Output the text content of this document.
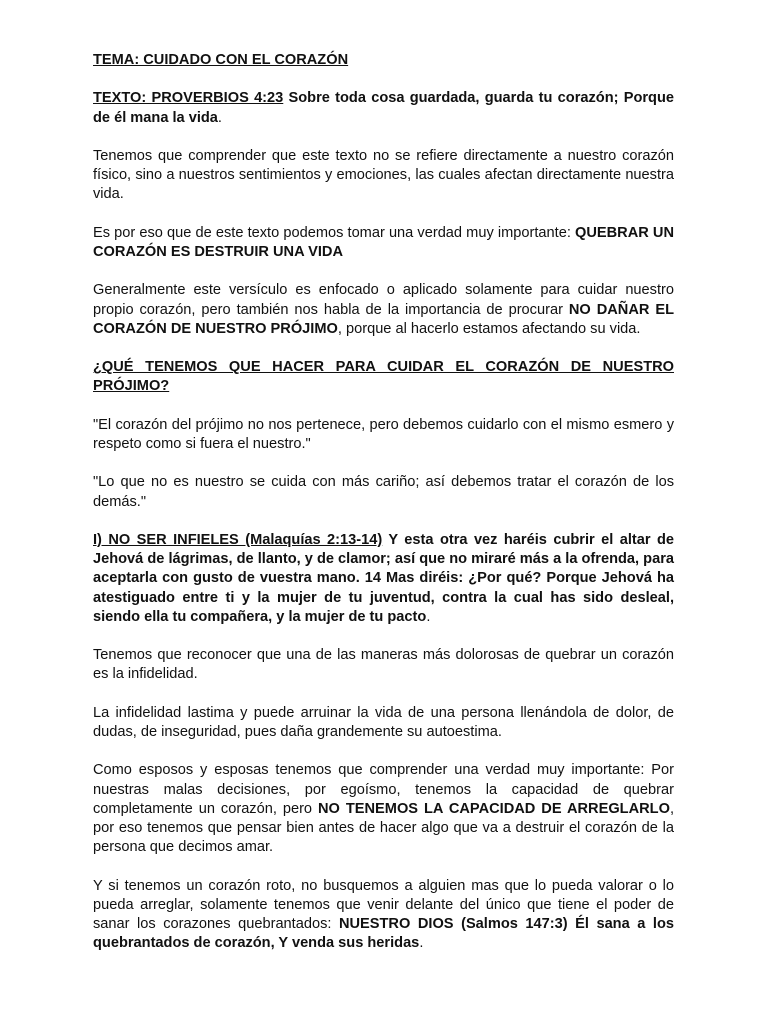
TEMA: CUIDADO CON EL CORAZÓN

TEXTO: PROVERBIOS 4:23 Sobre toda cosa guardada, guarda tu corazón; Porque de él mana la vida.

Tenemos que comprender que este texto no se refiere directamente a nuestro corazón físico, sino a nuestros sentimientos y emociones, las cuales afectan directamente nuestra vida.

Es por eso que de este texto podemos tomar una verdad muy importante: QUEBRAR UN CORAZÓN ES DESTRUIR UNA VIDA

Generalmente este versículo es enfocado o aplicado solamente para cuidar nuestro propio corazón, pero también nos habla de la importancia de procurar NO DAÑAR EL CORAZÓN DE NUESTRO PRÓJIMO, porque al hacerlo estamos afectando su vida.

¿QUÉ TENEMOS QUE HACER PARA CUIDAR EL CORAZÓN DE NUESTRO PRÓJIMO?

"El corazón del prójimo no nos pertenece, pero debemos cuidarlo con el mismo esmero y respeto como si fuera el nuestro."

"Lo que no es nuestro se cuida con más cariño; así debemos tratar el corazón de los demás."

I) NO SER INFIELES (Malaquías 2:13-14) Y esta otra vez haréis cubrir el altar de Jehová de lágrimas, de llanto, y de clamor; así que no miraré más a la ofrenda, para aceptarla con gusto de vuestra mano. 14 Mas diréis: ¿Por qué? Porque Jehová ha atestiguado entre ti y la mujer de tu juventud, contra la cual has sido desleal, siendo ella tu compañera, y la mujer de tu pacto.

Tenemos que reconocer que una de las maneras más dolorosas de quebrar un corazón es la infidelidad.

La infidelidad lastima y puede arruinar la vida de una persona llenándola de dolor, de dudas, de inseguridad, pues daña grandemente su autoestima.

Como esposos y esposas tenemos que comprender una verdad muy importante: Por nuestras malas decisiones, por egoísmo, tenemos la capacidad de quebrar completamente un corazón, pero NO TENEMOS LA CAPACIDAD DE ARREGLARLO, por eso tenemos que pensar bien antes de hacer algo que va a destruir el corazón de la persona que decimos amar.

Y si tenemos un corazón roto, no busquemos a alguien mas que lo pueda valorar o lo pueda arreglar, solamente tenemos que venir delante del único que tiene el poder de sanar los corazones quebrantados: NUESTRO DIOS (Salmos 147:3) Él sana a los quebrantados de corazón, Y venda sus heridas.
